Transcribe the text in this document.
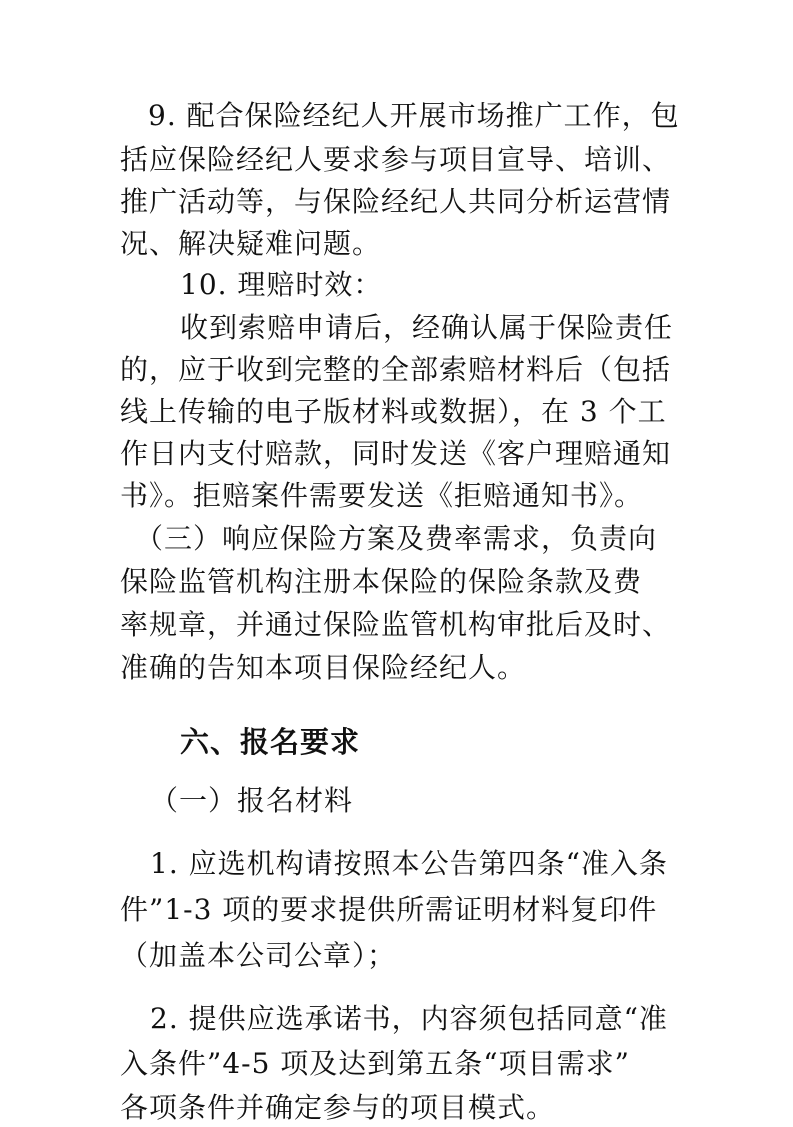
9. 配合保险经纪人开展市场推广工作，包
括应保险经纪人要求参与项目宣导、培训、
推广活动等，与保险经纪人共同分析运营情
况、解决疑难问题。
10. 理赔时效：
收到索赔申请后，经确认属于保险责任
的，应于收到完整的全部索赔材料后（包括
线上传输的电子版材料或数据），在 3 个工
作日内支付赔款，同时发送《客户理赔通知
书》。拒赔案件需要发送《拒赔通知书》。
（三）响应保险方案及费率需求，负责向
保险监管机构注册本保险的保险条款及费
率规章，并通过保险监管机构审批后及时、
准确的告知本项目保险经纪人。
六、报名要求
（一）报名材料
1. 应选机构请按照本公告第四条“准入条
件”1-3 项的要求提供所需证明材料复印件
（加盖本公司公章）；
2. 提供应选承诺书，内容须包括同意“准
入条件”4-5 项及达到第五条“项目需求”
各项条件并确定参与的项目模式。
